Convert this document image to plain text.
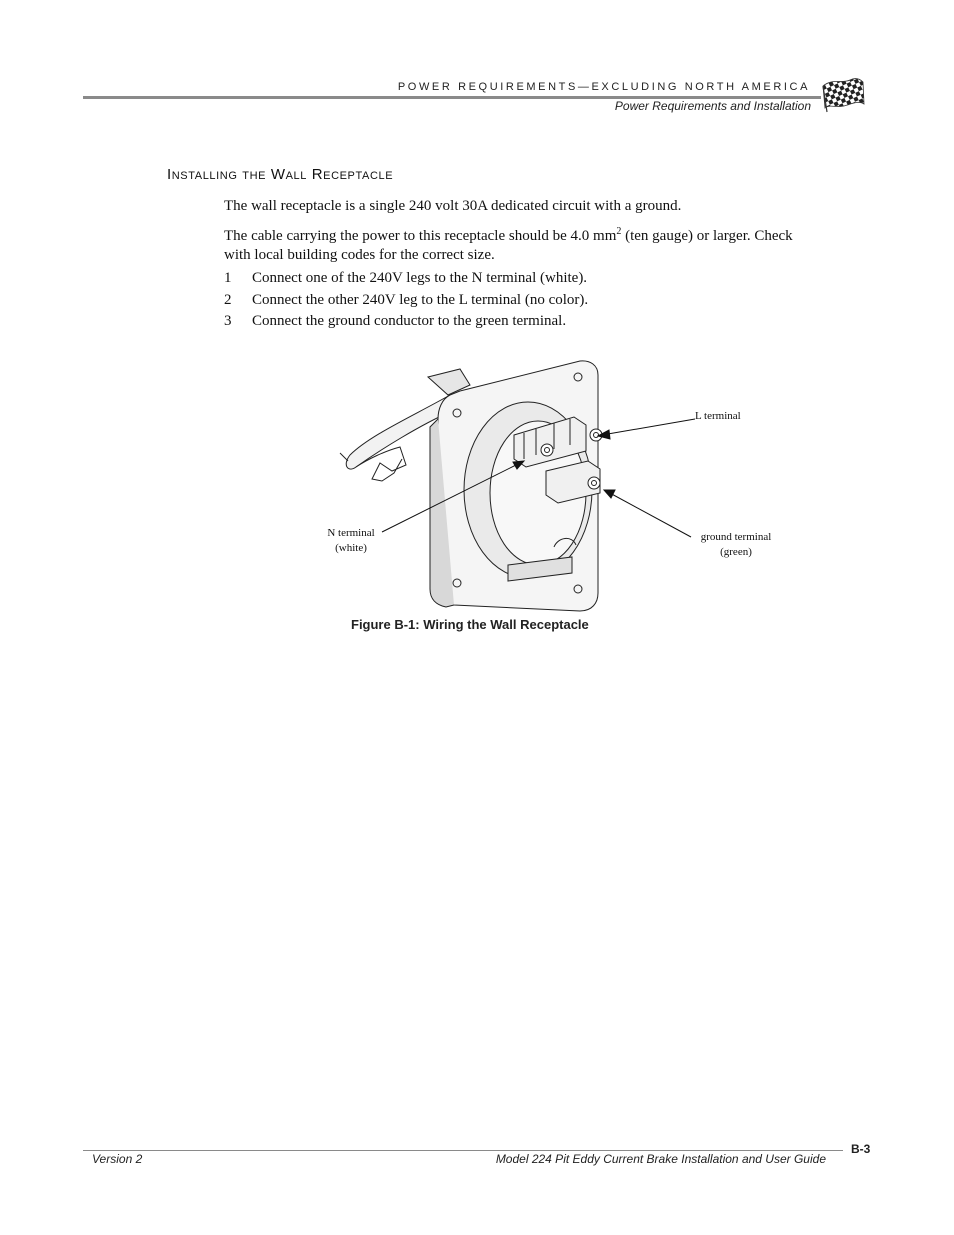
POWER REQUIREMENTS—EXCLUDING NORTH AMERICA
Power Requirements and Installation
Installing the Wall Receptacle
The wall receptacle is a single 240 volt 30A dedicated circuit with a ground.
The cable carrying the power to this receptacle should be 4.0 $mm^2$ (ten gauge) or larger. Check with local building codes for the correct size.
1 Connect one of the 240V legs to the N terminal (white).
2 Connect the other 240V leg to the L terminal (no color).
3 Connect the ground conductor to the green terminal.
L terminal
N terminal
(white)
ground terminal
(green)
Figure B-1: Wiring the Wall Receptacle
Version 2	Model 224 Pit Eddy Current Brake Installation and User Guide
B-3
